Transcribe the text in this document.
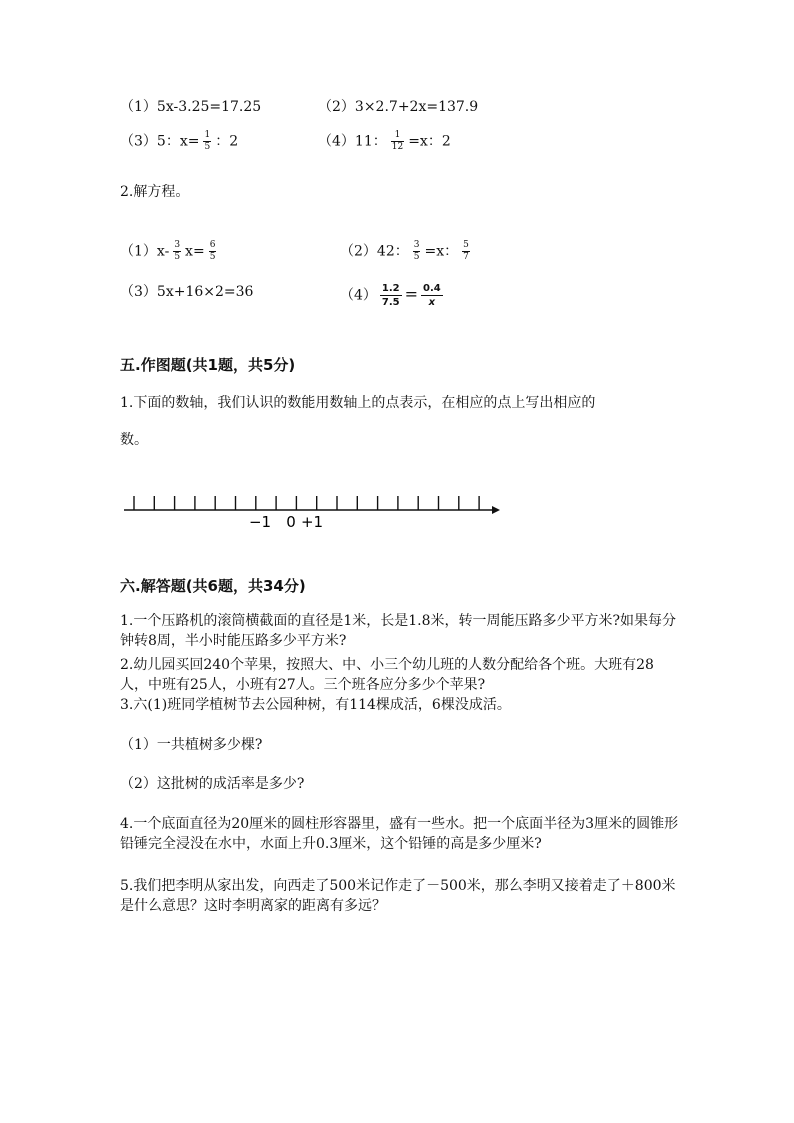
（1）5x-3.25=17.25	（2）3×2.7+2x=137.9
（3）5：$x= \frac{1}{5}$ ：2	（4）11： $\frac{1}{12} =x$：2
2.解方程。
$(1)x- \frac{3}{5} x= \frac{6}{5}$	（2）42： $\frac{3}{5} =x$： $\frac{5}{7}$
（3）5x+16×2=36	$(4) \frac{1.2}{7.5} = \frac{0.4}{x}$
五.作图题(共1题，共5分)
1.下面的数轴，我们认识的数能用数轴上的点表示，在相应的点上写出相应的
数。
−1 0 +1
六.解答题(共6题，共34分)
1.一个压路机的滚筒横截面的直径是1米，长是1.8米，转一周能压路多少平方米?如果每分钟转8周，半小时能压路多少平方米?
2.幼儿园买回240个苹果，按照大、中、小三个幼儿班的人数分配给各个班。大班有28人，中班有25人，小班有27人。三个班各应分多少个苹果?
3.六(1)班同学植树节去公园种树，有114棵成活，6棵没成活。
（1）一共植树多少棵?
（2）这批树的成活率是多少?
4.一个底面直径为20厘米的圆柱形容器里，盛有一些水。把一个底面半径为3厘米的圆锥形铅锤完全浸没在水中，水面上升0.3厘米，这个铅锤的高是多少厘米?
5.我们把李明从家出发，向西走了500米记作走了－500米，那么李明又接着走了＋800米是什么意思？这时李明离家的距离有多远？
